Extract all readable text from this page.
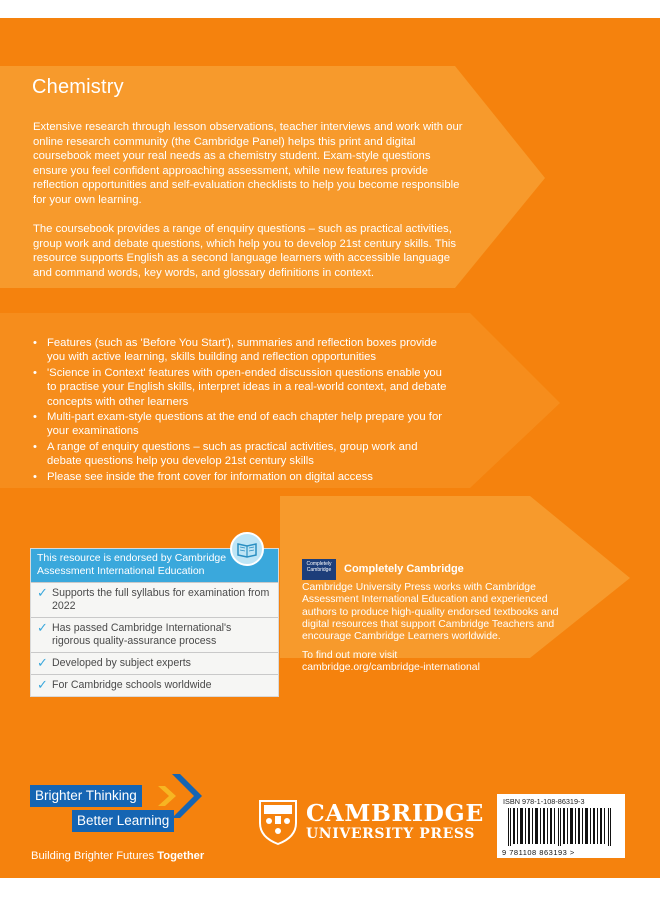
Chemistry

Extensive research through lesson observations, teacher interviews and work with our online research community (the Cambridge Panel) helps this print and digital coursebook meet your real needs as a chemistry student. Exam-style questions ensure you feel confident approaching assessment, while new features provide reflection opportunities and self-evaluation checklists to help you become responsible for your own learning.

The coursebook provides a range of enquiry questions – such as practical activities, group work and debate questions, which help you to develop 21st century skills. This resource supports English as a second language learners with accessible language and command words, key words, and glossary definitions in context.

• Features (such as 'Before You Start'), summaries and reflection boxes provide you with active learning, skills building and reflection opportunities
• 'Science in Context' features with open-ended discussion questions enable you to practise your English skills, interpret ideas in a real-world context, and debate concepts with other learners
• Multi-part exam-style questions at the end of each chapter help prepare you for your examinations
• A range of enquiry questions – such as practical activities, group work and debate questions help you develop 21st century skills
• Please see inside the front cover for information on digital access
This resource is endorsed by Cambridge Assessment International Education
✓ Supports the full syllabus for examination from 2022
✓ Has passed Cambridge International's rigorous quality-assurance process
✓ Developed by subject experts
✓ For Cambridge schools worldwide
Completely Cambridge	Completely Cambridge

Cambridge University Press works with Cambridge Assessment International Education and experienced authors to produce high-quality endorsed textbooks and digital resources that support Cambridge Teachers and encourage Cambridge Learners worldwide.

To find out more visit
cambridge.org/cambridge-international
Brighter Thinking
Better Learning
Building Brighter Futures Together
CAMBRIDGE
UNIVERSITY PRESS
ISBN 978-1-108-86319-3
9 781108 863193 >
